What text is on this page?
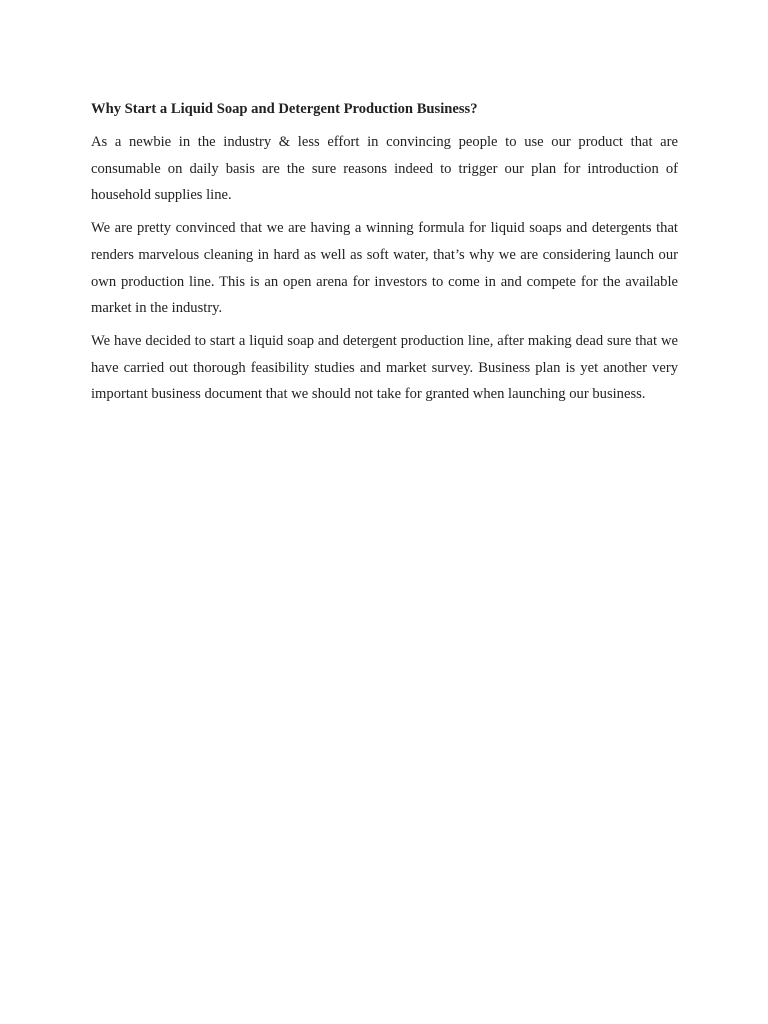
Why Start a Liquid Soap and Detergent Production Business?

As a newbie in the industry & less effort in convincing people to use our product that are consumable on daily basis are the sure reasons indeed to trigger our plan for introduction of household supplies line.

We are pretty convinced that we are having a winning formula for liquid soaps and detergents that renders marvelous cleaning in hard as well as soft water, that’s why we are considering launch our own production line. This is an open arena for investors to come in and compete for the available market in the industry.

We have decided to start a liquid soap and detergent production line, after making dead sure that we have carried out thorough feasibility studies and market survey. Business plan is yet another very important business document that we should not take for granted when launching our business.
